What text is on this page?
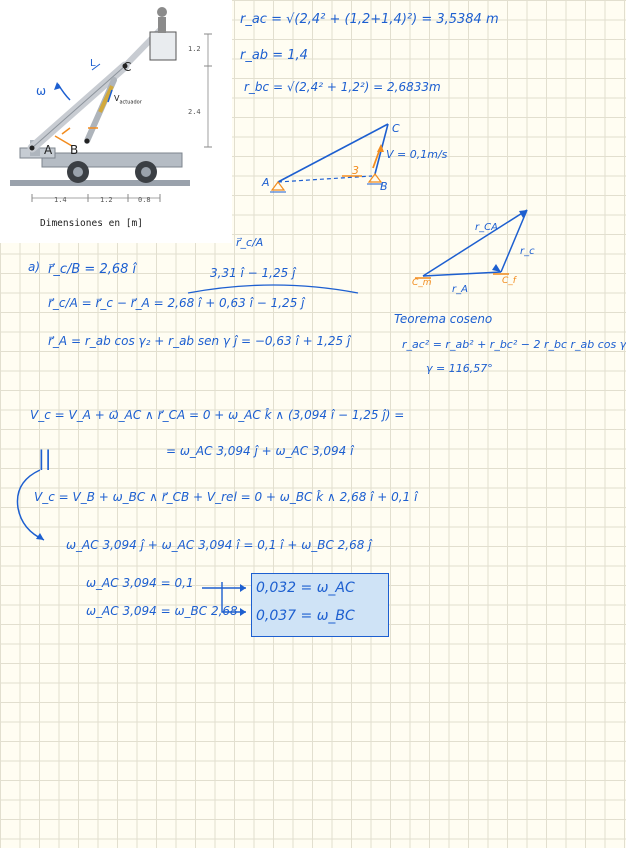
C
A B
L
ω
$V_{actuador}$
1.2
2.4
1.4	1.2	0.8
Dimensiones en [m]
r_ac = √(2,4² + (1,2+1,4)²) = 3,5384 m
r_ab = 1,4
r_bc = √(2,4² + 1,2²) = 2,6833m
C
A	B
3
V = 0,1m/s
r_CA
r_c
C_m	C_f
r_A
r⃗_c/A
a) r⃗_c/B = 2,68 î	3,31 î − 1,25 ĵ
r⃗_c/A = r⃗_c − r⃗_A = 2,68 î + 0,63 î − 1,25 ĵ
r⃗_A = r_ab cos γ₂ + r_ab sen γ ĵ = −0,63 î + 1,25 ĵ
Teorema coseno
r_ac² = r_ab² + r_bc² − 2 r_bc r_ab cos γ
γ = 116,57°
V_c = V_A + ω⃗_AC ∧ r⃗_CA = 0 + ω_AC k̂ ∧ (3,094 î − 1,25 ĵ) =
= ω_AC 3,094 ĵ + ω_AC 3,094 î
||
V_c = V_B + ω_BC ∧ r⃗_CB + V_rel = 0 + ω_BC k̂ ∧ 2,68 î + 0,1 î
ω_AC 3,094 ĵ + ω_AC 3,094 î = 0,1 î + ω_BC 2,68 ĵ
ω_AC 3,094 = 0,1
ω_AC 3,094 = ω_BC 2,68
0,032 = ω_AC
0,037 = ω_BC
